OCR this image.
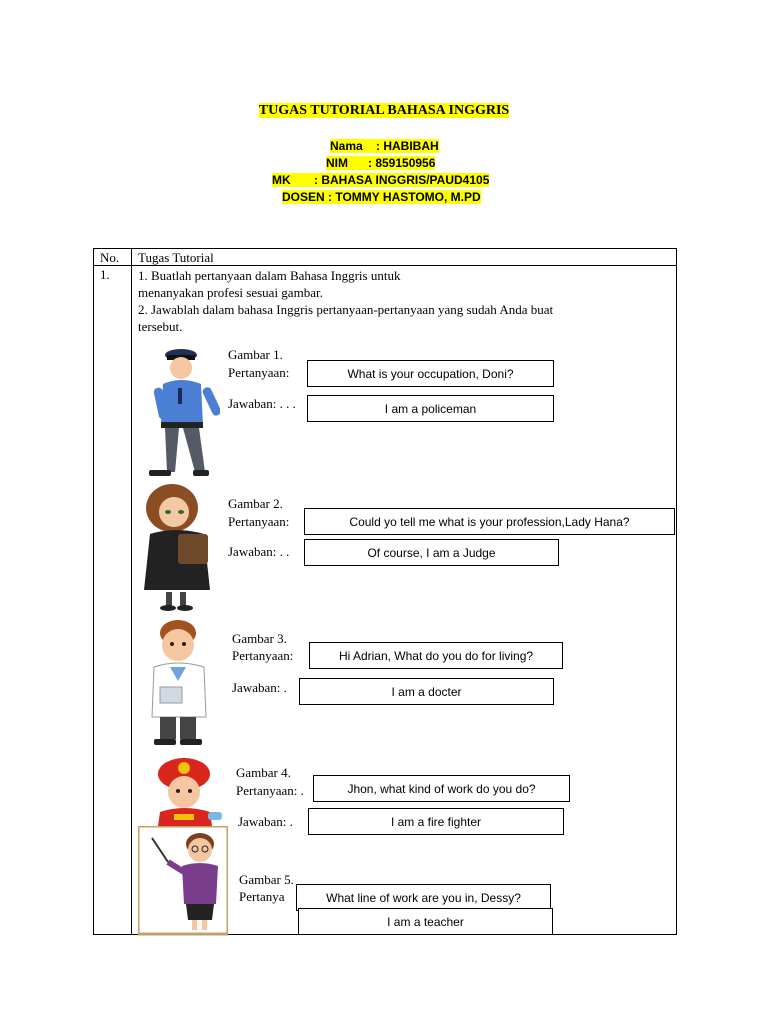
TUGAS TUTORIAL BAHASA INGGRIS
Nama    : HABIBAH
NIM      : 859150956
MK       : BAHASA INGGRIS/PAUD4105
DOSEN : TOMMY HASTOMO, M.PD
No. Tugas Tutorial
1. 1. Buatlah pertanyaan dalam Bahasa Inggris untuk
menanyakan profesi sesuai gambar.
2. Jawablah dalam bahasa Inggris pertanyaan-pertanyaan yang sudah Anda buat
tersebut.
Gambar 1.
Pertanyaan:	What is your occupation, Doni?
Jawaban: . . .	I am a policeman
Gambar 2.
Pertanyaan:	Could yo tell me what is your profession,Lady Hana?
Jawaban: . .	Of course, I am a Judge
Gambar 3.
Pertanyaan:	Hi Adrian, What do you do for living?
Jawaban: .	I am a docter
Gambar 4.
Pertanyaan: .	Jhon, what kind of work do you do?
Jawaban: .	I am a fire fighter
Gambar 5.
Pertanya	What line of work are you in, Dessy?
I am a teacher
